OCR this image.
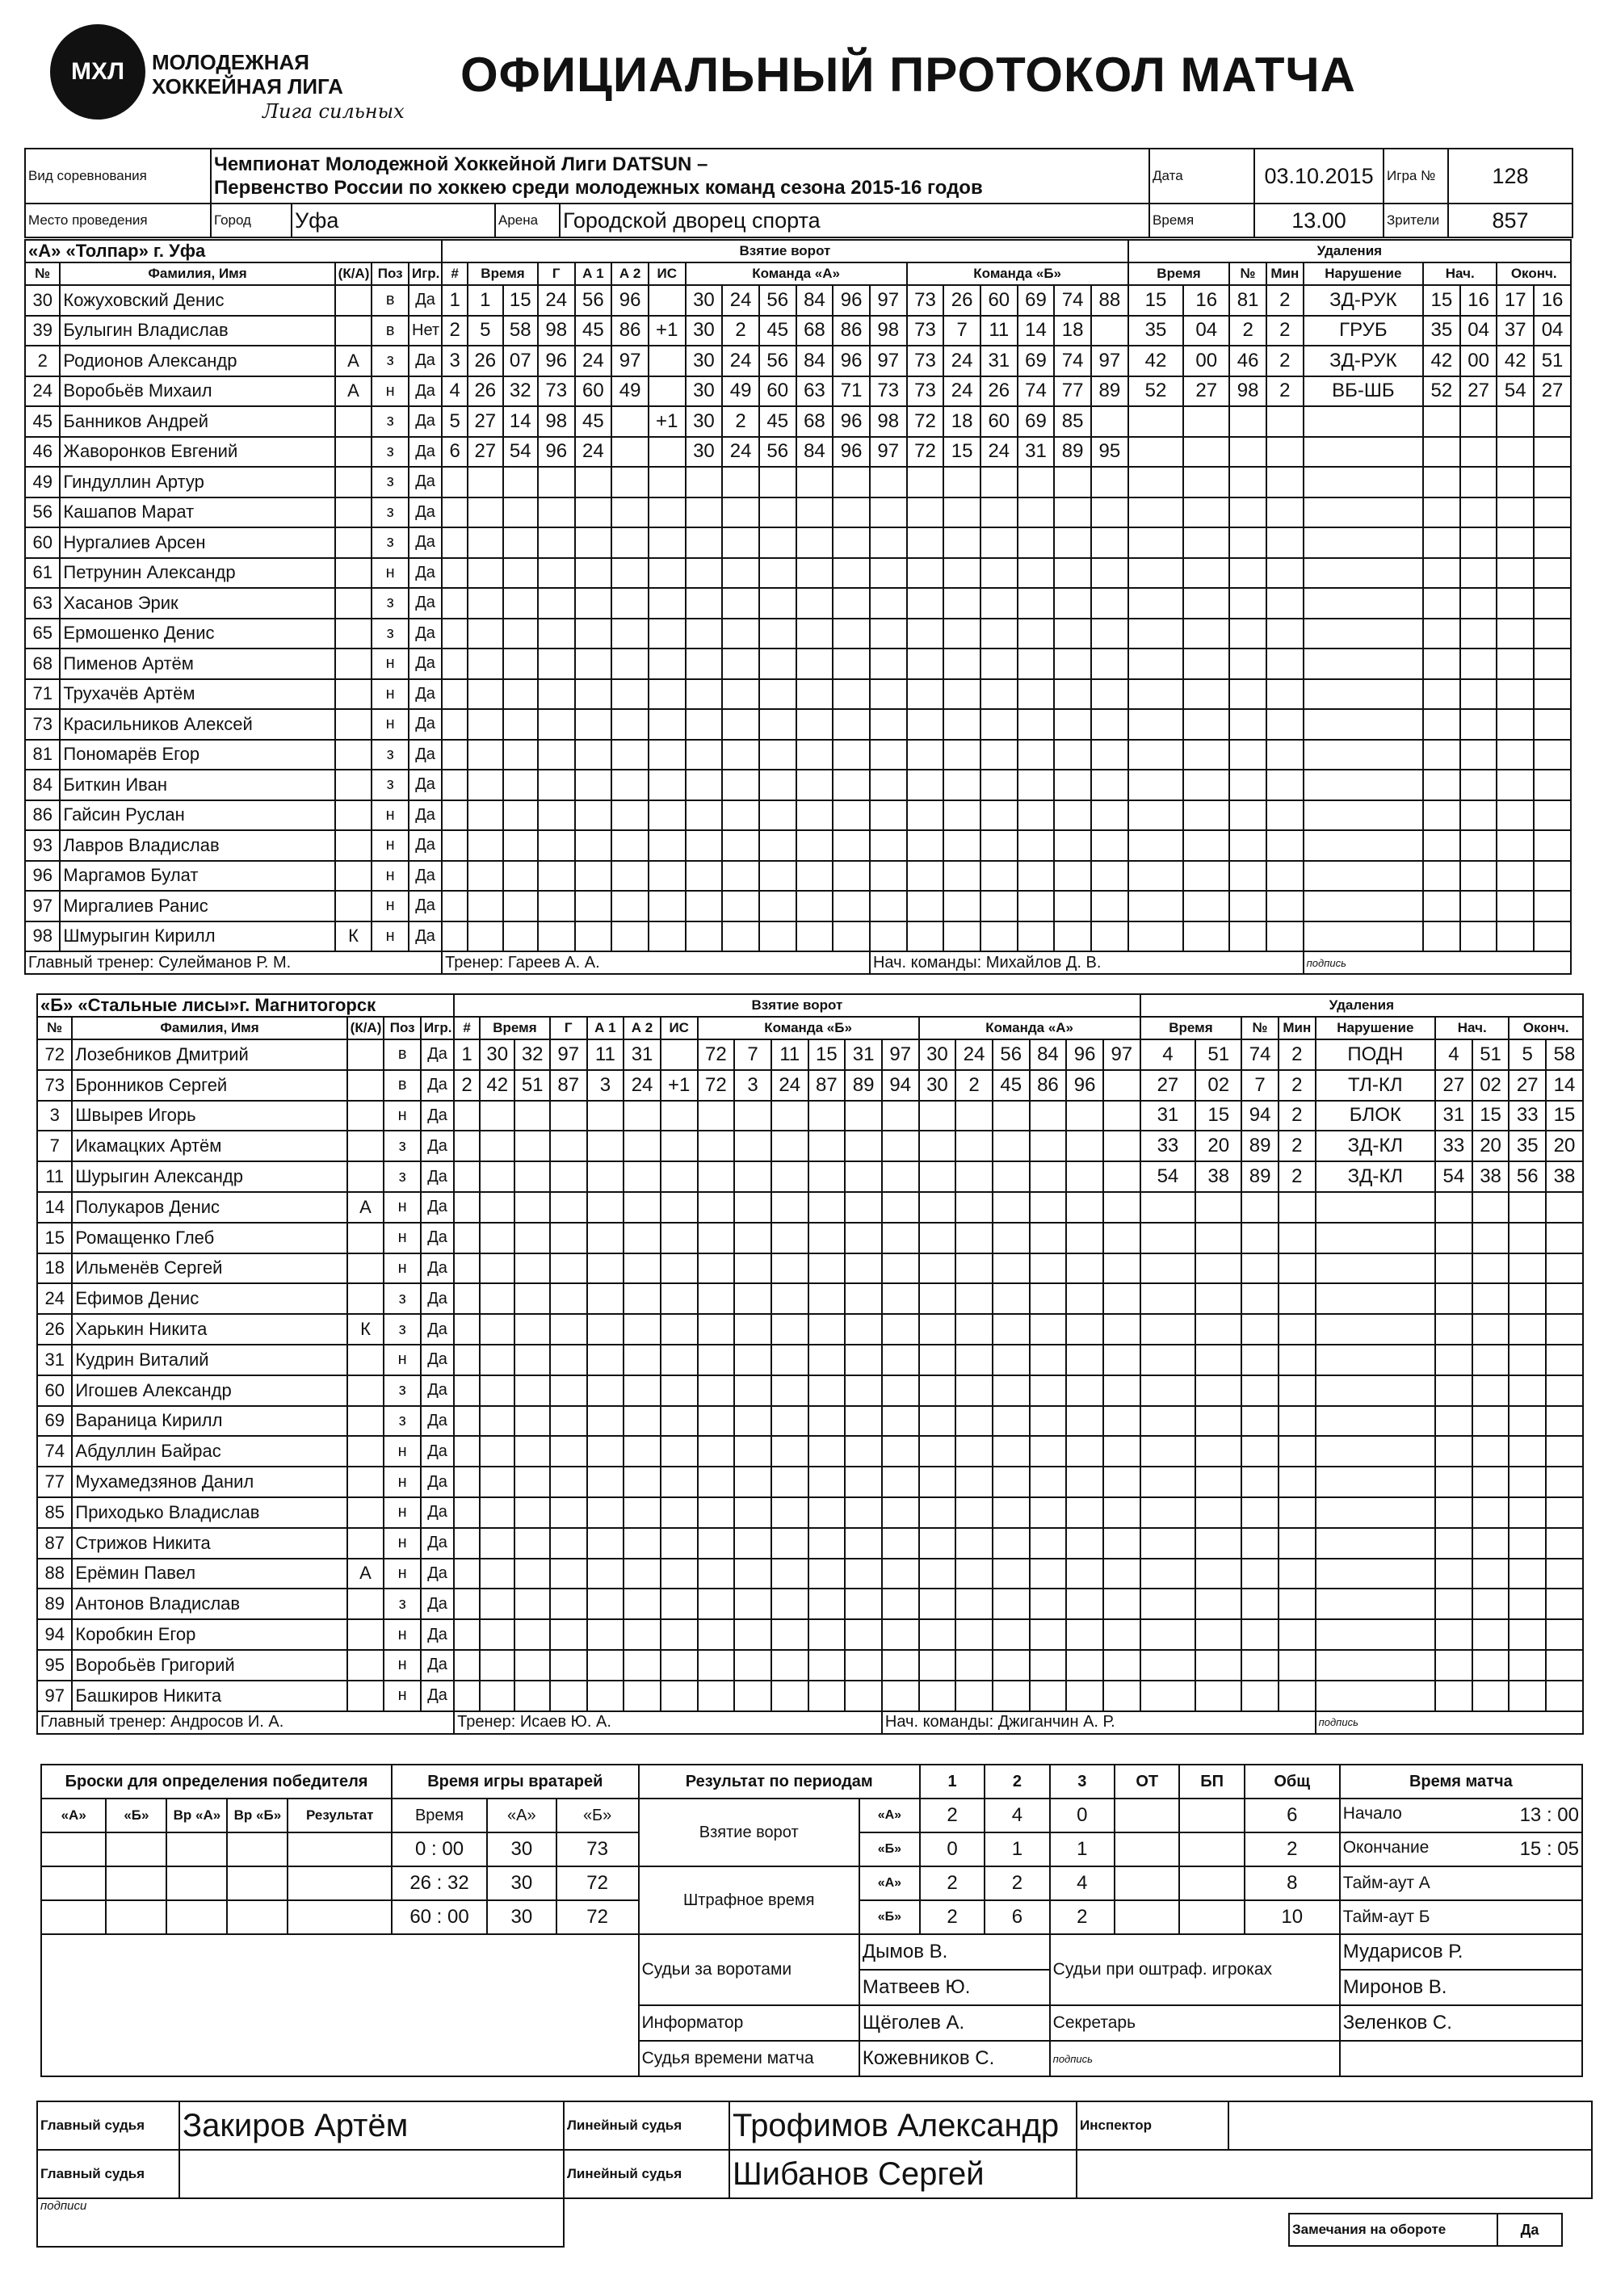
МХЛ МОЛОДЕЖНАЯ
ХОККЕЙНАЯ ЛИГА
Лига сильных
ОФИЦИАЛЬНЫЙ ПРОТОКОЛ МАТЧА
Вид соревнования	Чемпионат Молодежной Хоккейной Лиги DATSUN –
Первенство России по хоккею среди молодежных команд сезона 2015-16 годов				Дата	03.10.2015	Игра №	128
Место проведения	Город	Уфа	Арена	Городской дворец спорта	Время	13.00	Зрители	857
«А» «Толпар» г. Уфа					Взятие ворот																			Удаления								
№	Фамилия, Имя	(К/А)	Поз	Игр.	#	Время		Г	А 1	А 2	ИС	Команда «А»						Команда «Б»						Время		№	Мин	Нарушение	Нач.		Оконч.	
30	Кожуховский Денис		в	Да	1	1	15	24	56	96		30	24	56	84	96	97	73	26	60	69	74	88	15	16	81	2	ЗД-РУК	15	16	17	16
39	Булыгин Владислав		в	Нет	2	5	58	98	45	86	+1	30	2	45	68	86	98	73	7	11	14	18		35	04	2	2	ГРУБ	35	04	37	04
2	Родионов Александр	А	з	Да	3	26	07	96	24	97		30	24	56	84	96	97	73	24	31	69	74	97	42	00	46	2	ЗД-РУК	42	00	42	51
24	Воробьёв Михаил	А	н	Да	4	26	32	73	60	49		30	49	60	63	71	73	73	24	26	74	77	89	52	27	98	2	ВБ-ШБ	52	27	54	27
45	Банников Андрей		з	Да	5	27	14	98	45		+1	30	2	45	68	96	98	72	18	60	69	85										
46	Жаворонков Евгений		з	Да	6	27	54	96	24			30	24	56	84	96	97	72	15	24	31	89	95									
49	Гиндуллин Артур		з	Да																												
56	Кашапов Марат		з	Да																												
60	Нургалиев Арсен		з	Да																												
61	Петрунин Александр		н	Да																												
63	Хасанов Эрик		з	Да																												
65	Ермошенко Денис		з	Да																												
68	Пименов Артём		н	Да																												
71	Трухачёв Артём		н	Да																												
73	Красильников Алексей		н	Да																												
81	Пономарёв Егор		з	Да																												
84	Биткин Иван		з	Да																												
86	Гайсин Руслан		н	Да																												
93	Лавров Владислав		н	Да																												
96	Маргамов Булат		н	Да																												
97	Миргалиев Ранис		н	Да																												
98	Шмурыгин Кирилл	К	н	Да																												
Главный тренер: Сулейманов Р. М.					Тренер: Гареев А. А.												Нач. команды: Михайлов Д. В.											подпись				
«Б» «Стальные лисы»г. Магнитогорск					Взятие ворот																			Удаления								
№	Фамилия, Имя	(К/А)	Поз	Игр.	#	Время		Г	А 1	А 2	ИС	Команда «Б»						Команда «А»						Время		№	Мин	Нарушение	Нач.		Оконч.	
72	Лозебников Дмитрий		в	Да	1	30	32	97	11	31		72	7	11	15	31	97	30	24	56	84	96	97	4	51	74	2	ПОДН	4	51	5	58
73	Бронников Сергей		в	Да	2	42	51	87	3	24	+1	72	3	24	87	89	94	30	2	45	86	96		27	02	7	2	ТЛ-КЛ	27	02	27	14
3	Швырев Игорь		н	Да																				31	15	94	2	БЛОК	31	15	33	15
7	Икамацких Артём		з	Да																				33	20	89	2	ЗД-КЛ	33	20	35	20
11	Шурыгин Александр		з	Да																				54	38	89	2	ЗД-КЛ	54	38	56	38
14	Полукаров Денис	А	н	Да																												
15	Ромащенко Глеб		н	Да																												
18	Ильменёв Сергей		н	Да																												
24	Ефимов Денис		з	Да																												
26	Харькин Никита	К	з	Да																												
31	Кудрин Виталий		н	Да																												
60	Игошев Александр		з	Да																												
69	Вараница Кирилл		з	Да																												
74	Абдуллин Байрас		н	Да																												
77	Мухамедзянов Данил		н	Да																												
85	Приходько Владислав		н	Да																												
87	Стрижов Никита		н	Да																												
88	Ерёмин Павел	А	н	Да																												
89	Антонов Владислав		з	Да																												
94	Коробкин Егор		н	Да																												
95	Воробьёв Григорий		н	Да																												
97	Башкиров Никита		н	Да																												
Главный тренер: Андросов И. А.					Тренер: Исаев Ю. А.												Нач. команды: Джиганчин А. Р.											подпись				
Броски для определения победителя					Время игры вратарей			Результат по периодам		1	2	3	ОТ	БП	Общ	Время матча
«А»	«Б»	Вр «А»	Вр «Б»	Результат	Время	«А»	«Б»	Взятие ворот	«А»	2	4	0			6	Начало 13 : 00

					0 : 00	30	73		«Б»	0	1	1			2	Окончание 15 : 05

					26 : 32	30	72	Штрафное время	«А»	2	2	4			8	Тайм-аут А
					60 : 00	30	72		«Б»	2	6	2			10	Тайм-аут Б
								Судьи за воротами	Дымов В.			Судьи при оштраф. игроках				Мударисов Р.
									Матвеев Ю.							Миронов В.
								Информатор	Щёголев А.			Секретарь				Зеленков С.
								Судья времени матча	Кожевников С.			подпись				
Главный судья	Закиров Артём	Линейный судья	Трофимов Александр	Инспектор	
Главный судья		Линейный судья	Шибанов Сергей		
подписи					
Замечания на обороте	Да
